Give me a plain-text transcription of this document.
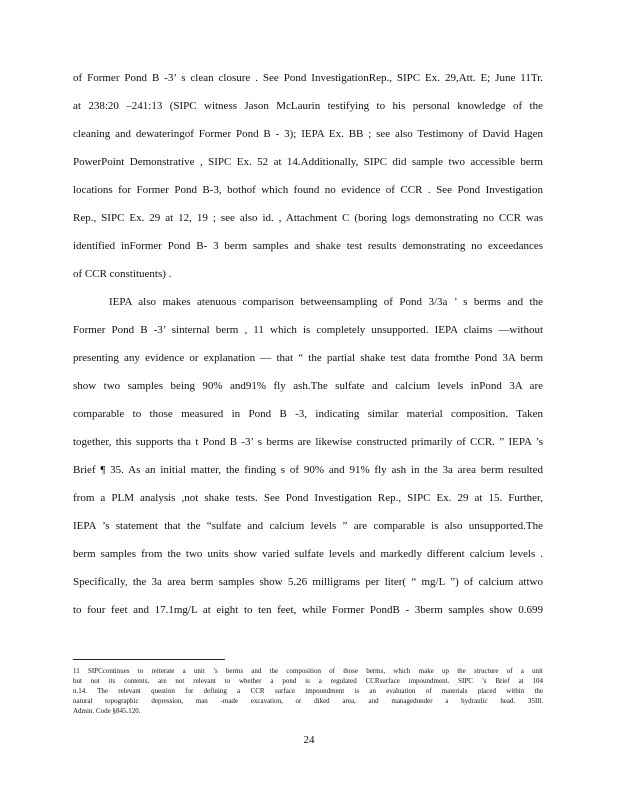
of Former Pond B -3’ s clean closure . See Pond InvestigationRep., SIPC Ex. 29,Att. E; June 11Tr.
at 238:20 –241:13 (SIPC witness Jason McLaurin testifying to his personal knowledge of the
cleaning and dewateringof Former Pond B - 3); IEPA Ex. BB ; see also Testimony of David Hagen
PowerPoint Demonstrative , SIPC Ex. 52 at 14.Additionally, SIPC did sample two accessible berm
locations for Former Pond B-3, bothof which found no evidence of CCR . See Pond Investigation
Rep., SIPC Ex. 29 at 12, 19 ; see also id. , Attachment C (boring logs demonstrating no CCR was
identified inFormer Pond B- 3 berm samples and shake test results demonstrating no exceedances
of CCR constituents) .
IEPA also makes atenuous comparison betweensampling of Pond 3/3a ’ s berms and the
Former Pond B -3’ sinternal berm , 11 which is completely unsupported. IEPA claims —without
presenting any evidence or explanation — that “ the partial shake test data fromthe Pond 3A berm
show two samples being 90% and91% fly ash.The sulfate and calcium levels inPond 3A are
comparable to those measured in Pond B -3, indicating similar material composition. Taken
together, this supports tha t Pond B -3’ s berms are likewise constructed primarily of CCR. ” IEPA ’s
Brief ¶ 35. As an initial matter, the finding s of 90% and 91% fly ash in the 3a area berm resulted
from a PLM analysis ,not shake tests. See Pond Investigation Rep., SIPC Ex. 29 at 15. Further,
IEPA ’s statement that the “sulfate and calcium levels ” are comparable is also unsupported.The
berm samples from the two units show varied sulfate levels and markedly different calcium levels .
Specifically, the 3a area berm samples show 5.26 milligrams per liter( “ mg/L ”) of calcium attwo
to four feet and 17.1mg/L at eight to ten feet, while Former PondB - 3berm samples show 0.699
11 SIPCcontinues to reiterate a unit ’s berms and the composition of those berms, which make up the structure of a unit
but not its contents, are not relevant to whether a pond is a regulated CCRsurface impoundment. SIPC ’s Brief at 104
n.14. The relevant question for defining a CCR surface impoundment is an evaluation of materials placed within the
natural topographic depression, man -made excavation, or diked area, and managedunder a hydraulic head. 35Ill.
Admin. Code §845.120.
24
